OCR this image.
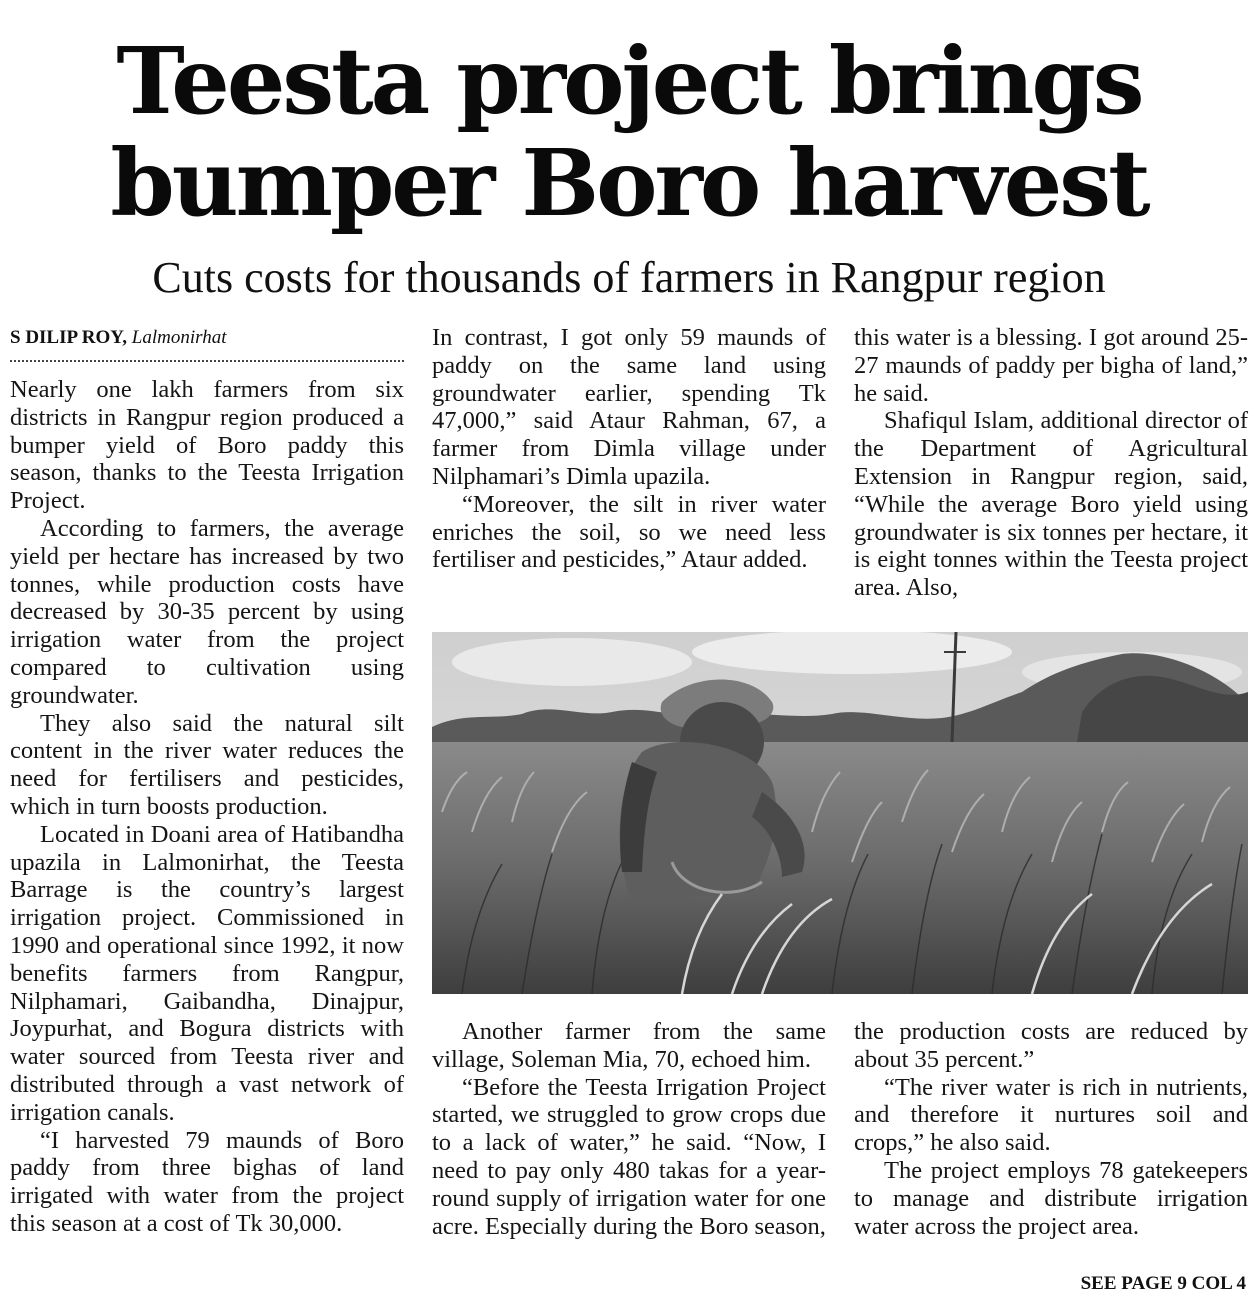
Teesta project brings
bumper Boro harvest
Cuts costs for thousands of farmers in Rangpur region
S DILIP ROY, Lalmonirhat

Nearly one lakh farmers from six districts in Rangpur region produced a bumper yield of Boro paddy this season, thanks to the Teesta Irrigation Project.

According to farmers, the average yield per hectare has increased by two tonnes, while production costs have decreased by 30-35 percent by using irrigation water from the project compared to cultivation using groundwater.

They also said the natural silt content in the river water reduces the need for fertilisers and pesticides, which in turn boosts production.

Located in Doani area of Hatibandha upazila in Lalmonirhat, the Teesta Barrage is the country’s largest irrigation project. Commissioned in 1990 and operational since 1992, it now benefits farmers from Rangpur, Nilphamari, Gaibandha, Dinajpur, Joypurhat, and Bogura districts with water sourced from Teesta river and distributed through a vast network of irrigation canals.

“I harvested 79 maunds of Boro paddy from three bighas of land irrigated with water from the project this season at a cost of Tk 30,000.

In contrast, I got only 59 maunds of paddy on the same land using groundwater earlier, spending Tk 47,000,” said Ataur Rahman, 67, a farmer from Dimla village under Nilphamari’s Dimla upazila.

“Moreover, the silt in river water enriches the soil, so we need less fertiliser and pesticides,” Ataur added.

this water is a blessing. I got around 25-27 maunds of paddy per bigha of land,” he said.

Shafiqul Islam, additional director of the Department of Agricultural Extension in Rangpur region, said, “While the average Boro yield using groundwater is six tonnes per hectare, it is eight tonnes within the Teesta project area. Also,

Another farmer from the same village, Soleman Mia, 70, echoed him.

“Before the Teesta Irrigation Project started, we struggled to grow crops due to a lack of water,” he said. “Now, I need to pay only 480 takas for a year-round supply of irrigation water for one acre. Especially during the Boro season,

the production costs are reduced by about 35 percent.”

“The river water is rich in nutrients, and therefore it nurtures soil and crops,” he also said.

The project employs 78 gatekeepers to manage and distribute irrigation water across the project area.

SEE PAGE 9 COL 4
